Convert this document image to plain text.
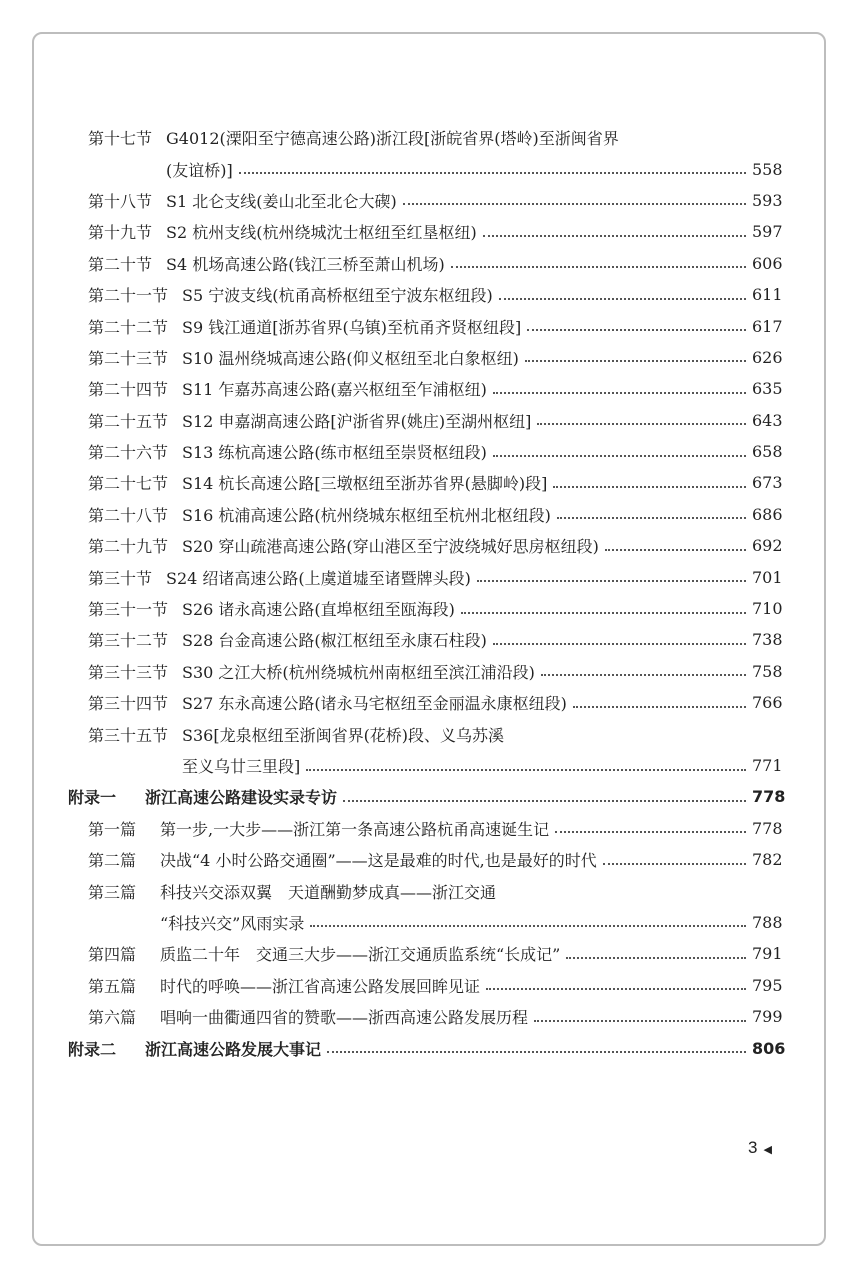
第十七节 G4012(溧阳至宁德高速公路)浙江段[浙皖省界(塔岭)至浙闽省界
(友谊桥)]	558
第十八节 S1 北仑支线(姜山北至北仑大碶)	593
第十九节 S2 杭州支线(杭州绕城沈士枢纽至红垦枢纽)	597
第二十节 S4 机场高速公路(钱江三桥至萧山机场)	606
第二十一节 S5 宁波支线(杭甬高桥枢纽至宁波东枢纽段)	611
第二十二节 S9 钱江通道[浙苏省界(乌镇)至杭甬齐贤枢纽段]	617
第二十三节 S10 温州绕城高速公路(仰义枢纽至北白象枢纽)	626
第二十四节 S11 乍嘉苏高速公路(嘉兴枢纽至乍浦枢纽)	635
第二十五节 S12 申嘉湖高速公路[沪浙省界(姚庄)至湖州枢纽]	643
第二十六节 S13 练杭高速公路(练市枢纽至崇贤枢纽段)	658
第二十七节 S14 杭长高速公路[三墩枢纽至浙苏省界(悬脚岭)段]	673
第二十八节 S16 杭浦高速公路(杭州绕城东枢纽至杭州北枢纽段)	686
第二十九节 S20 穿山疏港高速公路(穿山港区至宁波绕城好思房枢纽段)	692
第三十节 S24 绍诸高速公路(上虞道墟至诸暨牌头段)	701
第三十一节 S26 诸永高速公路(直埠枢纽至瓯海段)	710
第三十二节 S28 台金高速公路(椒江枢纽至永康石柱段)	738
第三十三节 S30 之江大桥(杭州绕城杭州南枢纽至滨江浦沿段)	758
第三十四节 S27 东永高速公路(诸永马宅枢纽至金丽温永康枢纽段)	766
第三十五节 S36[龙泉枢纽至浙闽省界(花桥)段、义乌苏溪
至义乌廿三里段]	771
附录一 浙江高速公路建设实录专访	778
第一篇 第一步,一大步——浙江第一条高速公路杭甬高速诞生记	778
第二篇 决战“4 小时公路交通圈”——这是最难的时代,也是最好的时代	782
第三篇 科技兴交添双翼　天道酬勤梦成真——浙江交通
“科技兴交”风雨实录	788
第四篇 质监二十年　交通三大步——浙江交通质监系统“长成记”	791
第五篇 时代的呼唤——浙江省高速公路发展回眸见证	795
第六篇 唱响一曲衢通四省的赞歌——浙西高速公路发展历程	799
附录二 浙江高速公路发展大事记	806
3 ◀
